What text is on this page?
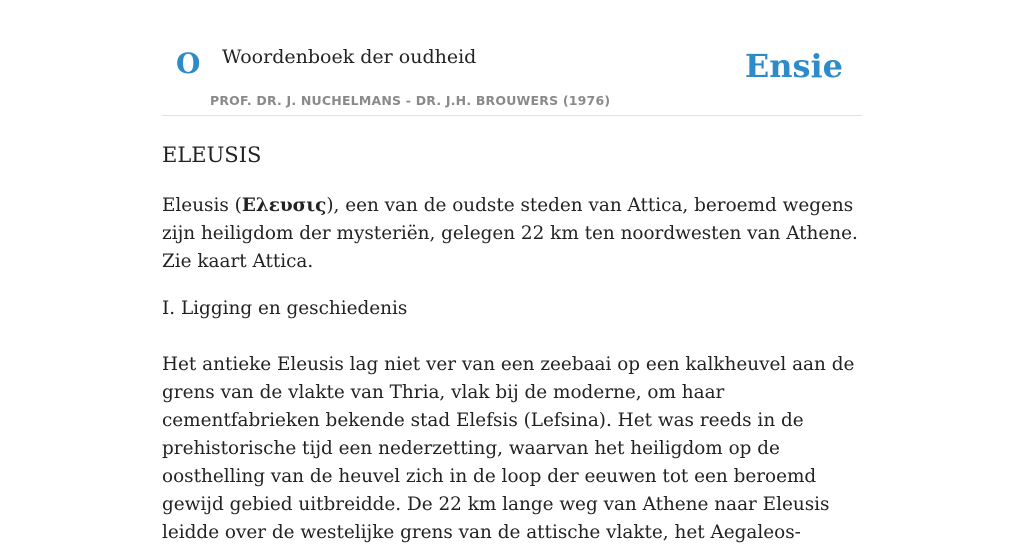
O Woordenboek der oudheid
PROF. DR. J. NUCHELMANS - DR. J.H. BROUWERS (1976)
Ensie
ELEUSIS

Eleusis (Ελευσις), een van de oudste steden van Attica, beroemd wegens zijn heiligdom der mysteriën, gelegen 22 km ten noordwesten van Athene. Zie kaart Attica.

I. Ligging en geschiedenis

Het antieke Eleusis lag niet ver van een zeebaai op een kalkheuvel aan de grens van de vlakte van Thria, vlak bij de moderne, om haar cementfabrieken bekende stad Elefsis (Lefsina). Het was reeds in de prehistorische tijd een nederzetting, waarvan het heiligdom op de oosthelling van de heuvel zich in de loop der eeuwen tot een beroemd gewijd gebied uitbreidde. De 22 km lange weg van Athene naar Eleusis leidde over de westelijke grens van de attische vlakte, het Aegaleos-
